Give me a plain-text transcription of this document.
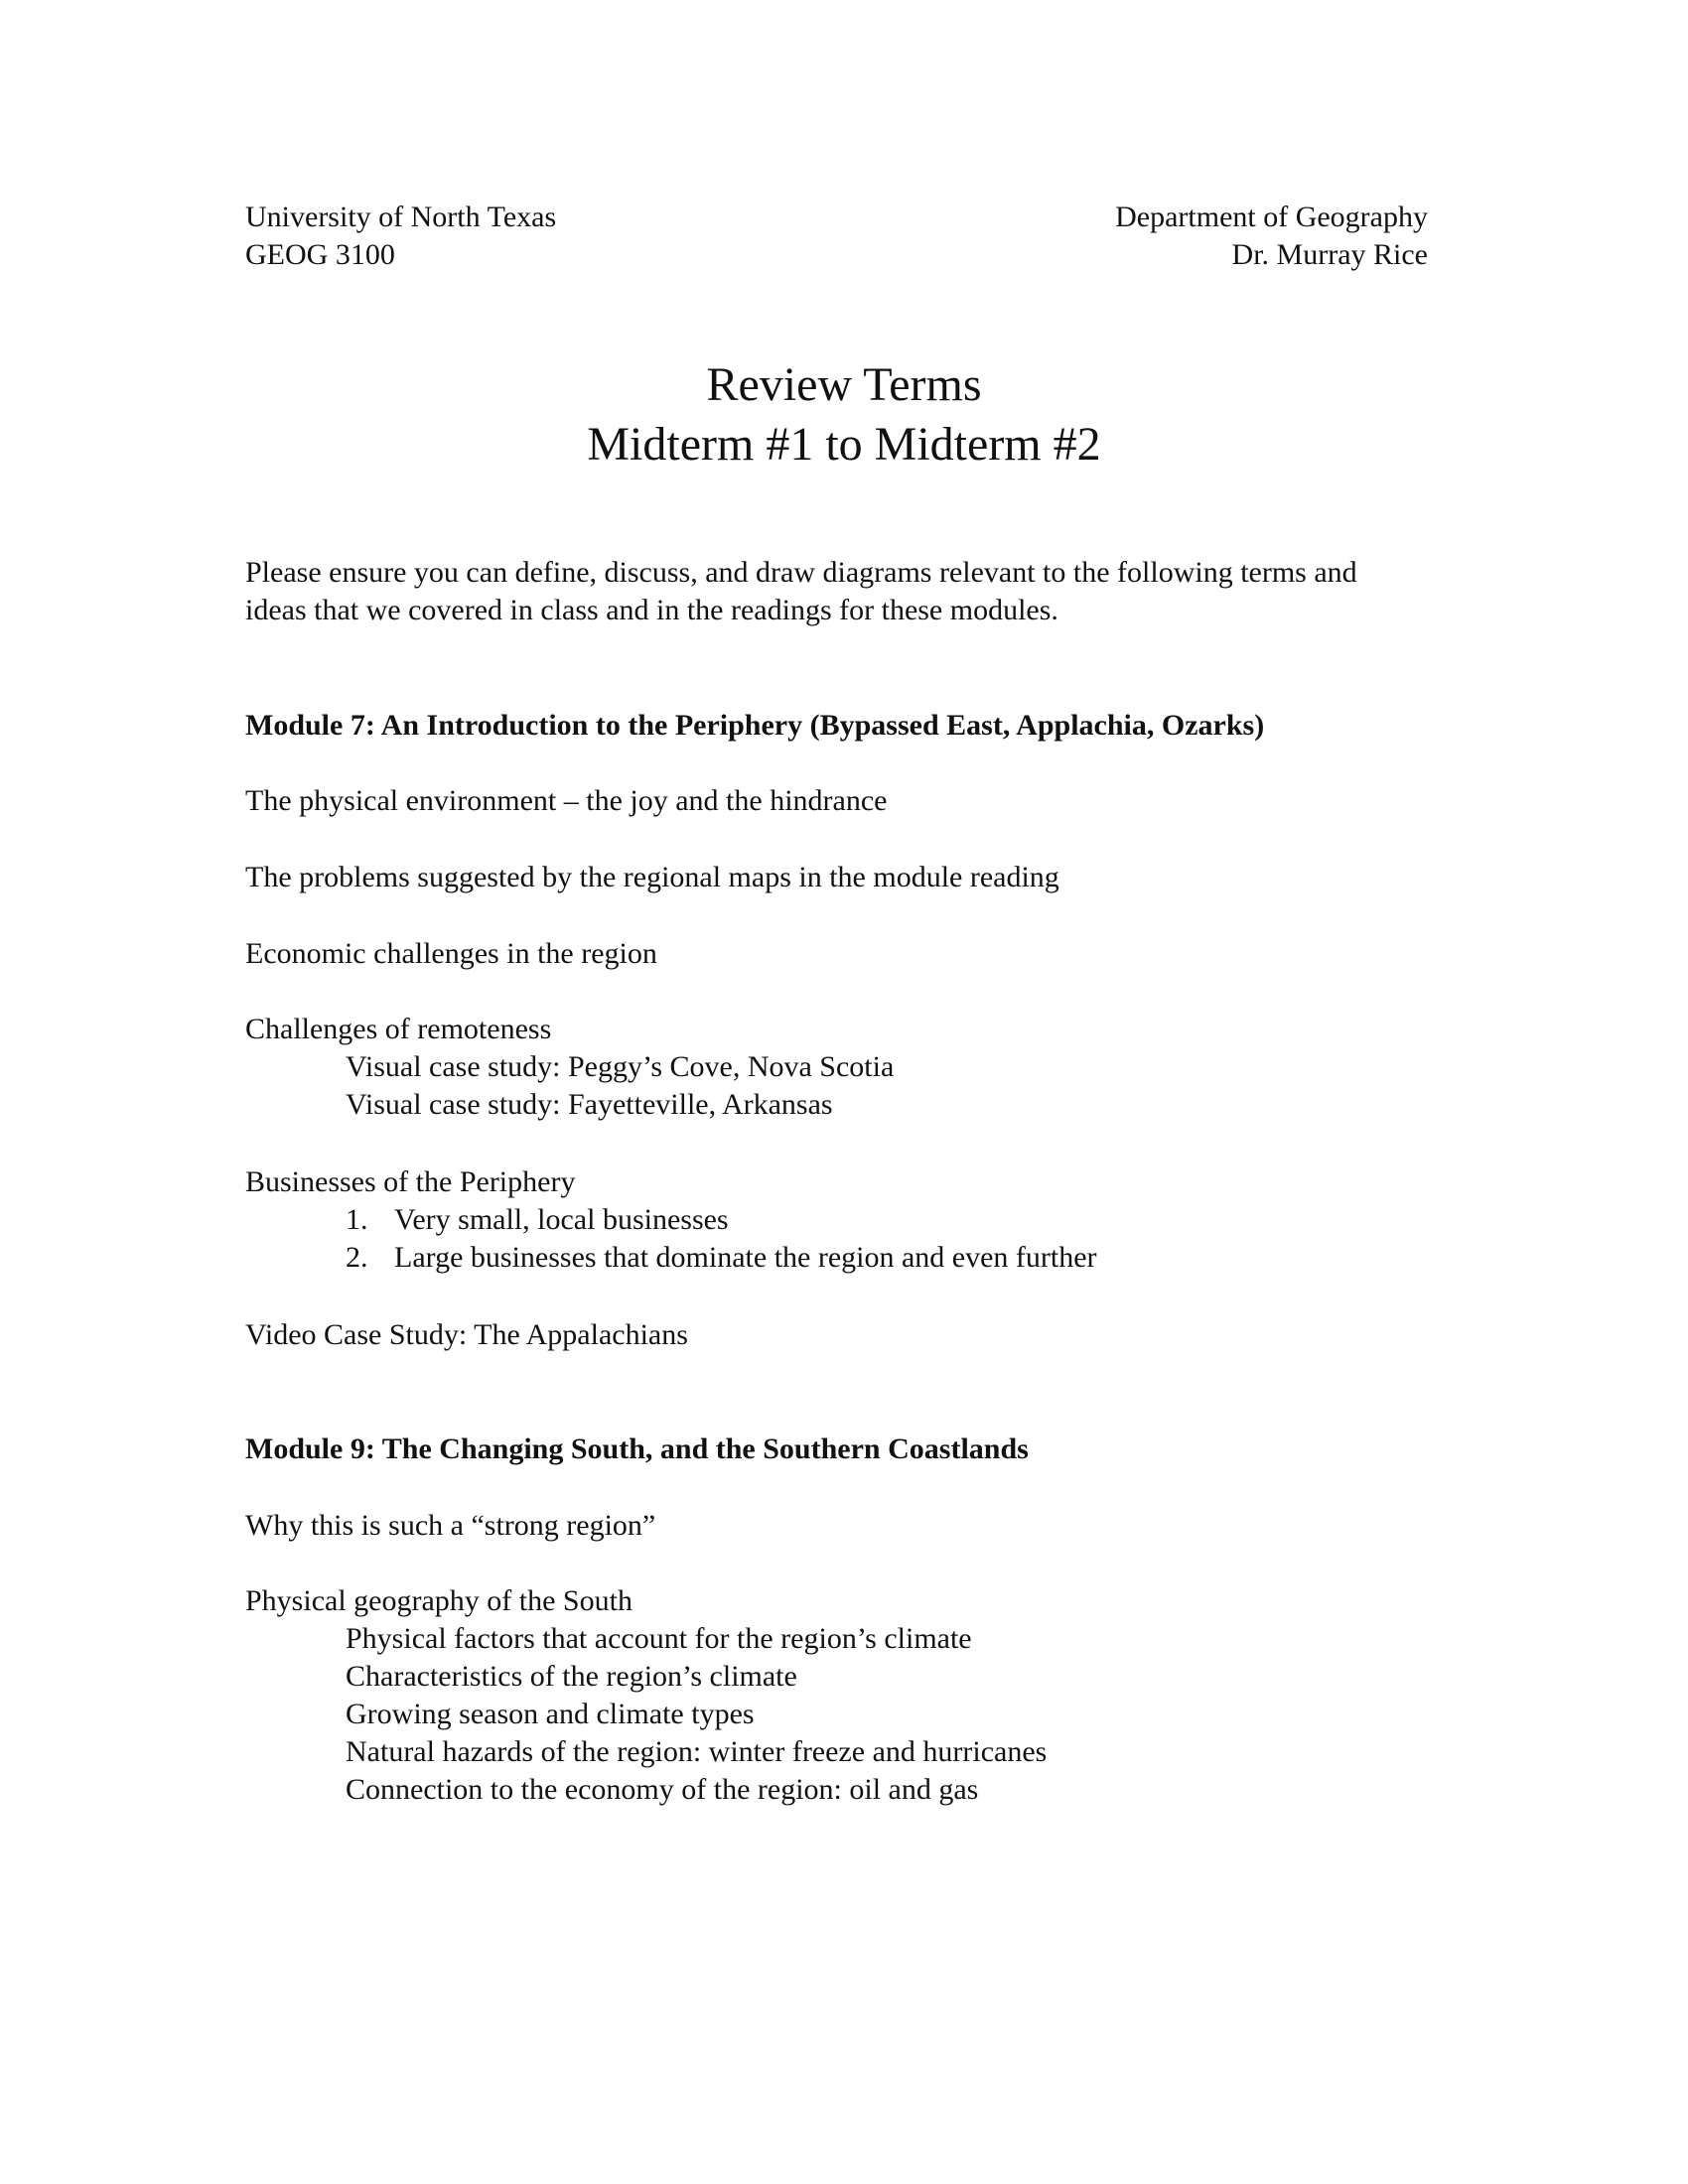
University of North Texas
GEOG 3100
Department of Geography
Dr. Murray Rice
Review Terms
Midterm #1 to Midterm #2
Please ensure you can define, discuss, and draw diagrams relevant to the following terms and
ideas that we covered in class and in the readings for these modules.
Module 7: An Introduction to the Periphery (Bypassed East, Applachia, Ozarks)
The physical environment – the joy and the hindrance
The problems suggested by the regional maps in the module reading
Economic challenges in the region
Challenges of remoteness
Visual case study: Peggy’s Cove, Nova Scotia
Visual case study: Fayetteville, Arkansas
Businesses of the Periphery
1. Very small, local businesses
2. Large businesses that dominate the region and even further
Video Case Study: The Appalachians
Module 9: The Changing South, and the Southern Coastlands
Why this is such a “strong region”
Physical geography of the South
Physical factors that account for the region’s climate
Characteristics of the region’s climate
Growing season and climate types
Natural hazards of the region: winter freeze and hurricanes
Connection to the economy of the region: oil and gas
